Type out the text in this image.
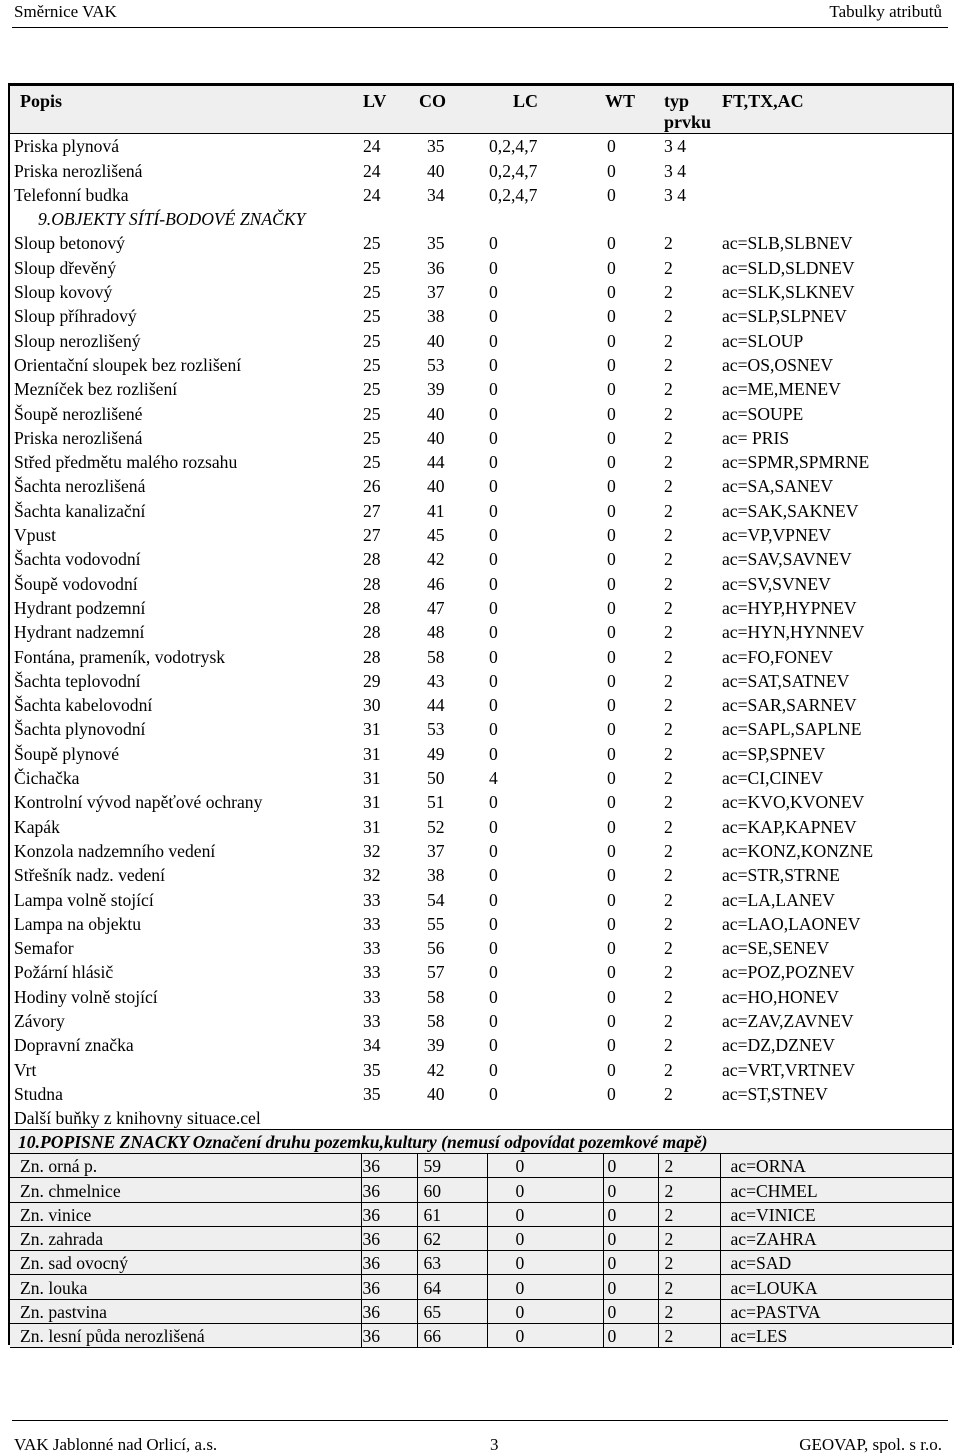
Směrnice VAK	Tabulky atributů
Popis	LV	CO	LC	WT	typ	FT,TX,AC
					prvku	
Priska plynová	24	35	0,2,4,7	0	3 4	
Priska nerozlišená	24	40	0,2,4,7	0	3 4	
Telefonní budka	24	34	0,2,4,7	0	3 4	
9.OBJEKTY SÍTÍ-BODOVÉ ZNAČKY						
Sloup betonový	25	35	0	0	2	ac=SLB,SLBNEV
Sloup dřevěný	25	36	0	0	2	ac=SLD,SLDNEV
Sloup kovový	25	37	0	0	2	ac=SLK,SLKNEV
Sloup příhradový	25	38	0	0	2	ac=SLP,SLPNEV
Sloup nerozlišený	25	40	0	0	2	ac=SLOUP
Orientační sloupek bez rozlišení	25	53	0	0	2	ac=OS,OSNEV
Mezníček bez rozlišení	25	39	0	0	2	ac=ME,MENEV
Šoupě nerozlišené	25	40	0	0	2	ac=SOUPE
Priska nerozlišená	25	40	0	0	2	ac= PRIS
Střed předmětu malého rozsahu	25	44	0	0	2	ac=SPMR,SPMRNE
Šachta nerozlišená	26	40	0	0	2	ac=SA,SANEV
Šachta kanalizační	27	41	0	0	2	ac=SAK,SAKNEV
Vpust	27	45	0	0	2	ac=VP,VPNEV
Šachta vodovodní	28	42	0	0	2	ac=SAV,SAVNEV
Šoupě vodovodní	28	46	0	0	2	ac=SV,SVNEV
Hydrant podzemní	28	47	0	0	2	ac=HYP,HYPNEV
Hydrant nadzemní	28	48	0	0	2	ac=HYN,HYNNEV
Fontána, prameník, vodotrysk	28	58	0	0	2	ac=FO,FONEV
Šachta teplovodní	29	43	0	0	2	ac=SAT,SATNEV
Šachta kabelovodní	30	44	0	0	2	ac=SAR,SARNEV
Šachta plynovodní	31	53	0	0	2	ac=SAPL,SAPLNE
Šoupě plynové	31	49	0	0	2	ac=SP,SPNEV
Čichačka	31	50	4	0	2	ac=CI,CINEV
Kontrolní vývod napěťové ochrany	31	51	0	0	2	ac=KVO,KVONEV
Kapák	31	52	0	0	2	ac=KAP,KAPNEV
Konzola nadzemního vedení	32	37	0	0	2	ac=KONZ,KONZNE
Střešník nadz. vedení	32	38	0	0	2	ac=STR,STRNE
Lampa volně stojící	33	54	0	0	2	ac=LA,LANEV
Lampa na objektu	33	55	0	0	2	ac=LAO,LAONEV
Semafor	33	56	0	0	2	ac=SE,SENEV
Požární hlásič	33	57	0	0	2	ac=POZ,POZNEV
Hodiny volně stojící	33	58	0	0	2	ac=HO,HONEV
Závory	33	58	0	0	2	ac=ZAV,ZAVNEV
Dopravní značka	34	39	0	0	2	ac=DZ,DZNEV
Vrt	35	42	0	0	2	ac=VRT,VRTNEV
Studna	35	40	0	0	2	ac=ST,STNEV
Další buňky z knihovny situace.cel						
10.POPISNE ZNACKY Označení druhu pozemku,kultury (nemusí odpovídat pozemkové mapě)						
Zn. orná p.	36	59	0	0	2	ac=ORNA
Zn. chmelnice	36	60	0	0	2	ac=CHMEL
Zn. vinice	36	61	0	0	2	ac=VINICE
Zn. zahrada	36	62	0	0	2	ac=ZAHRA
Zn. sad ovocný	36	63	0	0	2	ac=SAD
Zn. louka	36	64	0	0	2	ac=LOUKA
Zn. pastvina	36	65	0	0	2	ac=PASTVA
Zn. lesní půda nerozlišená	36	66	0	0	2	ac=LES
VAK Jablonné nad Orlicí, a.s.	3	GEOVAP, spol. s r.o.
